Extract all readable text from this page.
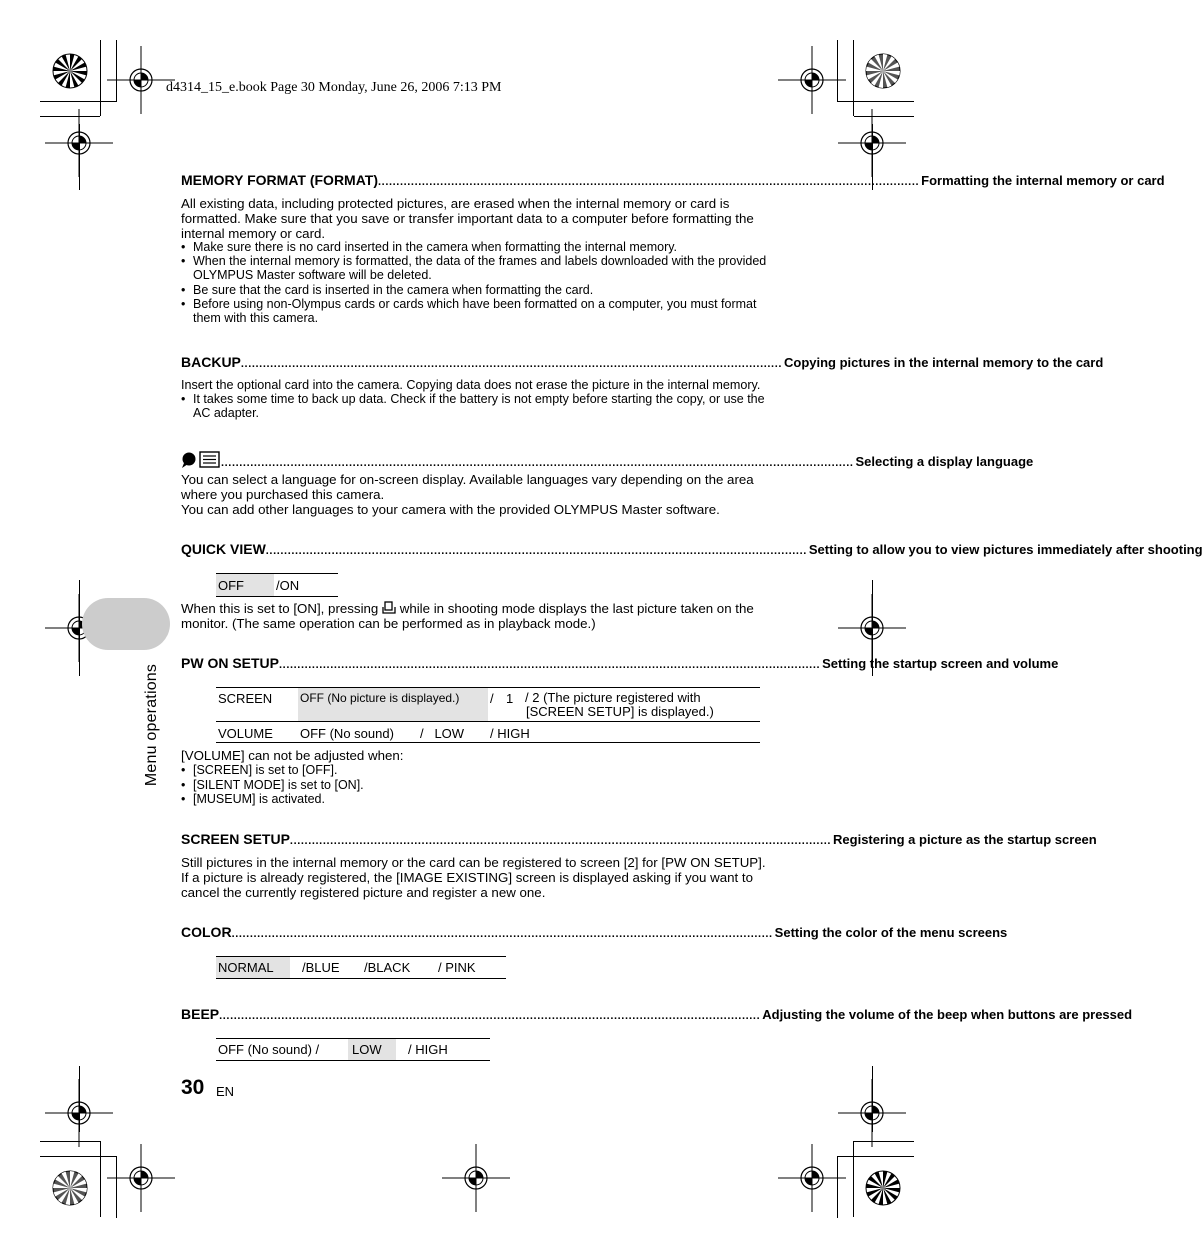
d4314_15_e.book Page 30 Monday, June 26, 2006 7:13 PM
Menu operations
MEMORY FORMAT (FORMAT) .................................................................................................................................................... Formatting the internal memory or card
All existing data, including protected pictures, are erased when the internal memory or card is formatted. Make sure that you save or transfer important data to a computer before formatting the internal memory or card.
• Make sure there is no card inserted in the camera when formatting the internal memory.
• When the internal memory is formatted, the data of the frames and labels downloaded with the provided OLYMPUS Master software will be deleted.
• Be sure that the card is inserted in the camera when formatting the card.
• Before using non-Olympus cards or cards which have been formatted on a computer, you must format them with this camera.
BACKUP .................................................................................................................................................... Copying pictures in the internal memory to the card
Insert the optional card into the camera. Copying data does not erase the picture in the internal memory.
• It takes some time to back up data. Check if the battery is not empty before starting the copy, or use the AC adapter.
............................................................................................................................................................................. Selecting a display language

You can select a language for on-screen display. Available languages vary depending on the area where you purchased this camera.

You can add other languages to your camera with the provided OLYMPUS Master software.

QUICK VIEW .................................................................................................................................................... Setting to allow you to view pictures immediately after shooting
OFF	/ON
When this is set to [ON], pressing while in shooting mode displays the last picture taken on the monitor. (The same operation can be performed as in playback mode.)
PW ON SETUP .................................................................................................................................................... Setting the startup screen and volume
SCREEN OFF (No picture is displayed.)	/ 1 / 2 (The picture registered with
[SCREEN SETUP] is displayed.)
VOLUME OFF (No sound) /   LOW / HIGH
[VOLUME] can not be adjusted when:
• [SCREEN] is set to [OFF].
• [SILENT MODE] is set to [ON].
• [MUSEUM] is activated.
SCREEN SETUP .................................................................................................................................................... Registering a picture as the startup screen
Still pictures in the internal memory or the card can be registered to screen [2] for [PW ON SETUP]. If a picture is already registered, the [IMAGE EXISTING] screen is displayed asking if you want to cancel the currently registered picture and register a new one.
COLOR .................................................................................................................................................... Setting the color of the menu screens
NORMAL	/BLUE	/BLACK	/ PINK
BEEP .................................................................................................................................................... Adjusting the volume of the beep when buttons are pressed
OFF (No sound) /	LOW	/ HIGH
30 EN
